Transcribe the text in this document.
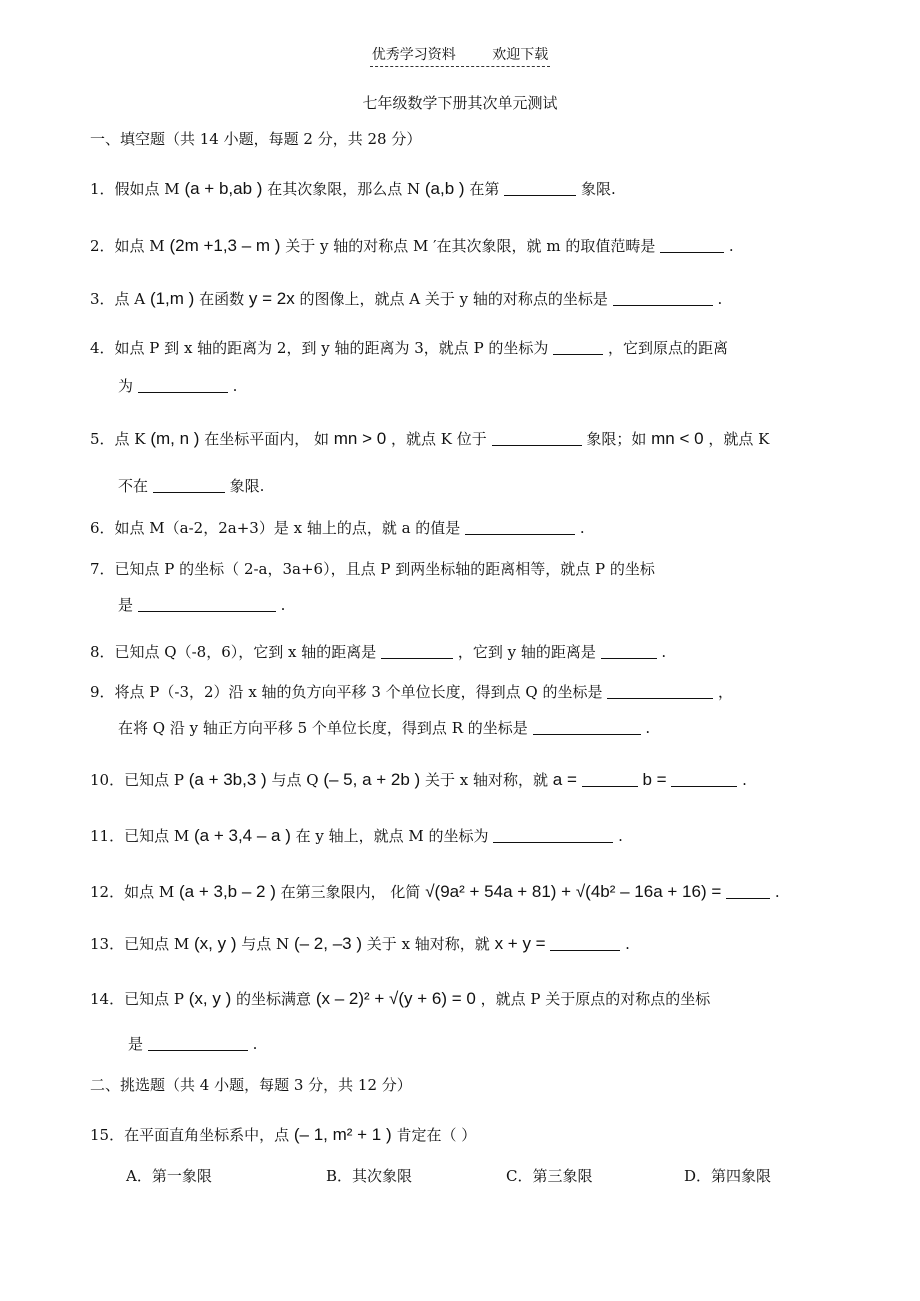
优秀学习资料	欢迎下载
七年级数学下册其次单元测试
一、填空题（共 14 小题，每题 2 分，共 28 分）
1．假如点 M (a + b,ab ) 在其次象限，那么点 N (a,b ) 在第	象限.
2．如点 M (2m +1,3 – m ) 关于 y 轴的对称点 M ′在其次象限，就 m 的取值范畴是	.
3．点 A (1,m ) 在函数 y = 2x 的图像上，就点 A 关于 y 轴的对称点的坐标是	.
4．如点 P 到 x 轴的距离为 2，到 y 轴的距离为 3，就点 P 的坐标为	，它到原点的距离
为	.
5．点 K (m, n ) 在坐标平面内， 如 mn > 0 ，就点 K 位于	象限；如 mn < 0 ，就点 K
不在	象限.
6．如点 M（a-2，2a+3）是 x 轴上的点，就 a 的值是	.
7．已知点 P 的坐标（ 2-a，3a+6），且点 P 到两坐标轴的距离相等，就点 P 的坐标
是	.
8．已知点 Q（-8，6），它到 x 轴的距离是	，它到 y 轴的距离是	.
9．将点 P（-3，2）沿 x 轴的负方向平移 3 个单位长度，得到点 Q 的坐标是	，
在将 Q 沿 y 轴正方向平移 5 个单位长度，得到点 R 的坐标是	.
10．已知点 P (a + 3b,3 ) 与点 Q (– 5, a + 2b ) 关于 x 轴对称，就 a =	b =	.
11．已知点 M (a + 3,4 – a ) 在 y 轴上，就点 M 的坐标为	.
12．如点 M (a + 3,b – 2 ) 在第三象限内， 化简 √(9a² + 54a + 81) + √(4b² – 16a + 16) =	.
13．已知点 M (x, y ) 与点 N (– 2, –3 ) 关于 x 轴对称，就 x + y =	.
14．已知点 P (x, y ) 的坐标满意 (x – 2)² + √(y + 6) = 0 ，就点 P 关于原点的对称点的坐标
是	.
二、挑选题（共 4 小题，每题 3 分，共 12 分）
15．在平面直角坐标系中，点 (– 1, m² + 1 ) 肯定在（ ）
A．第一象限	B．其次象限	C．第三象限	D．第四象限
